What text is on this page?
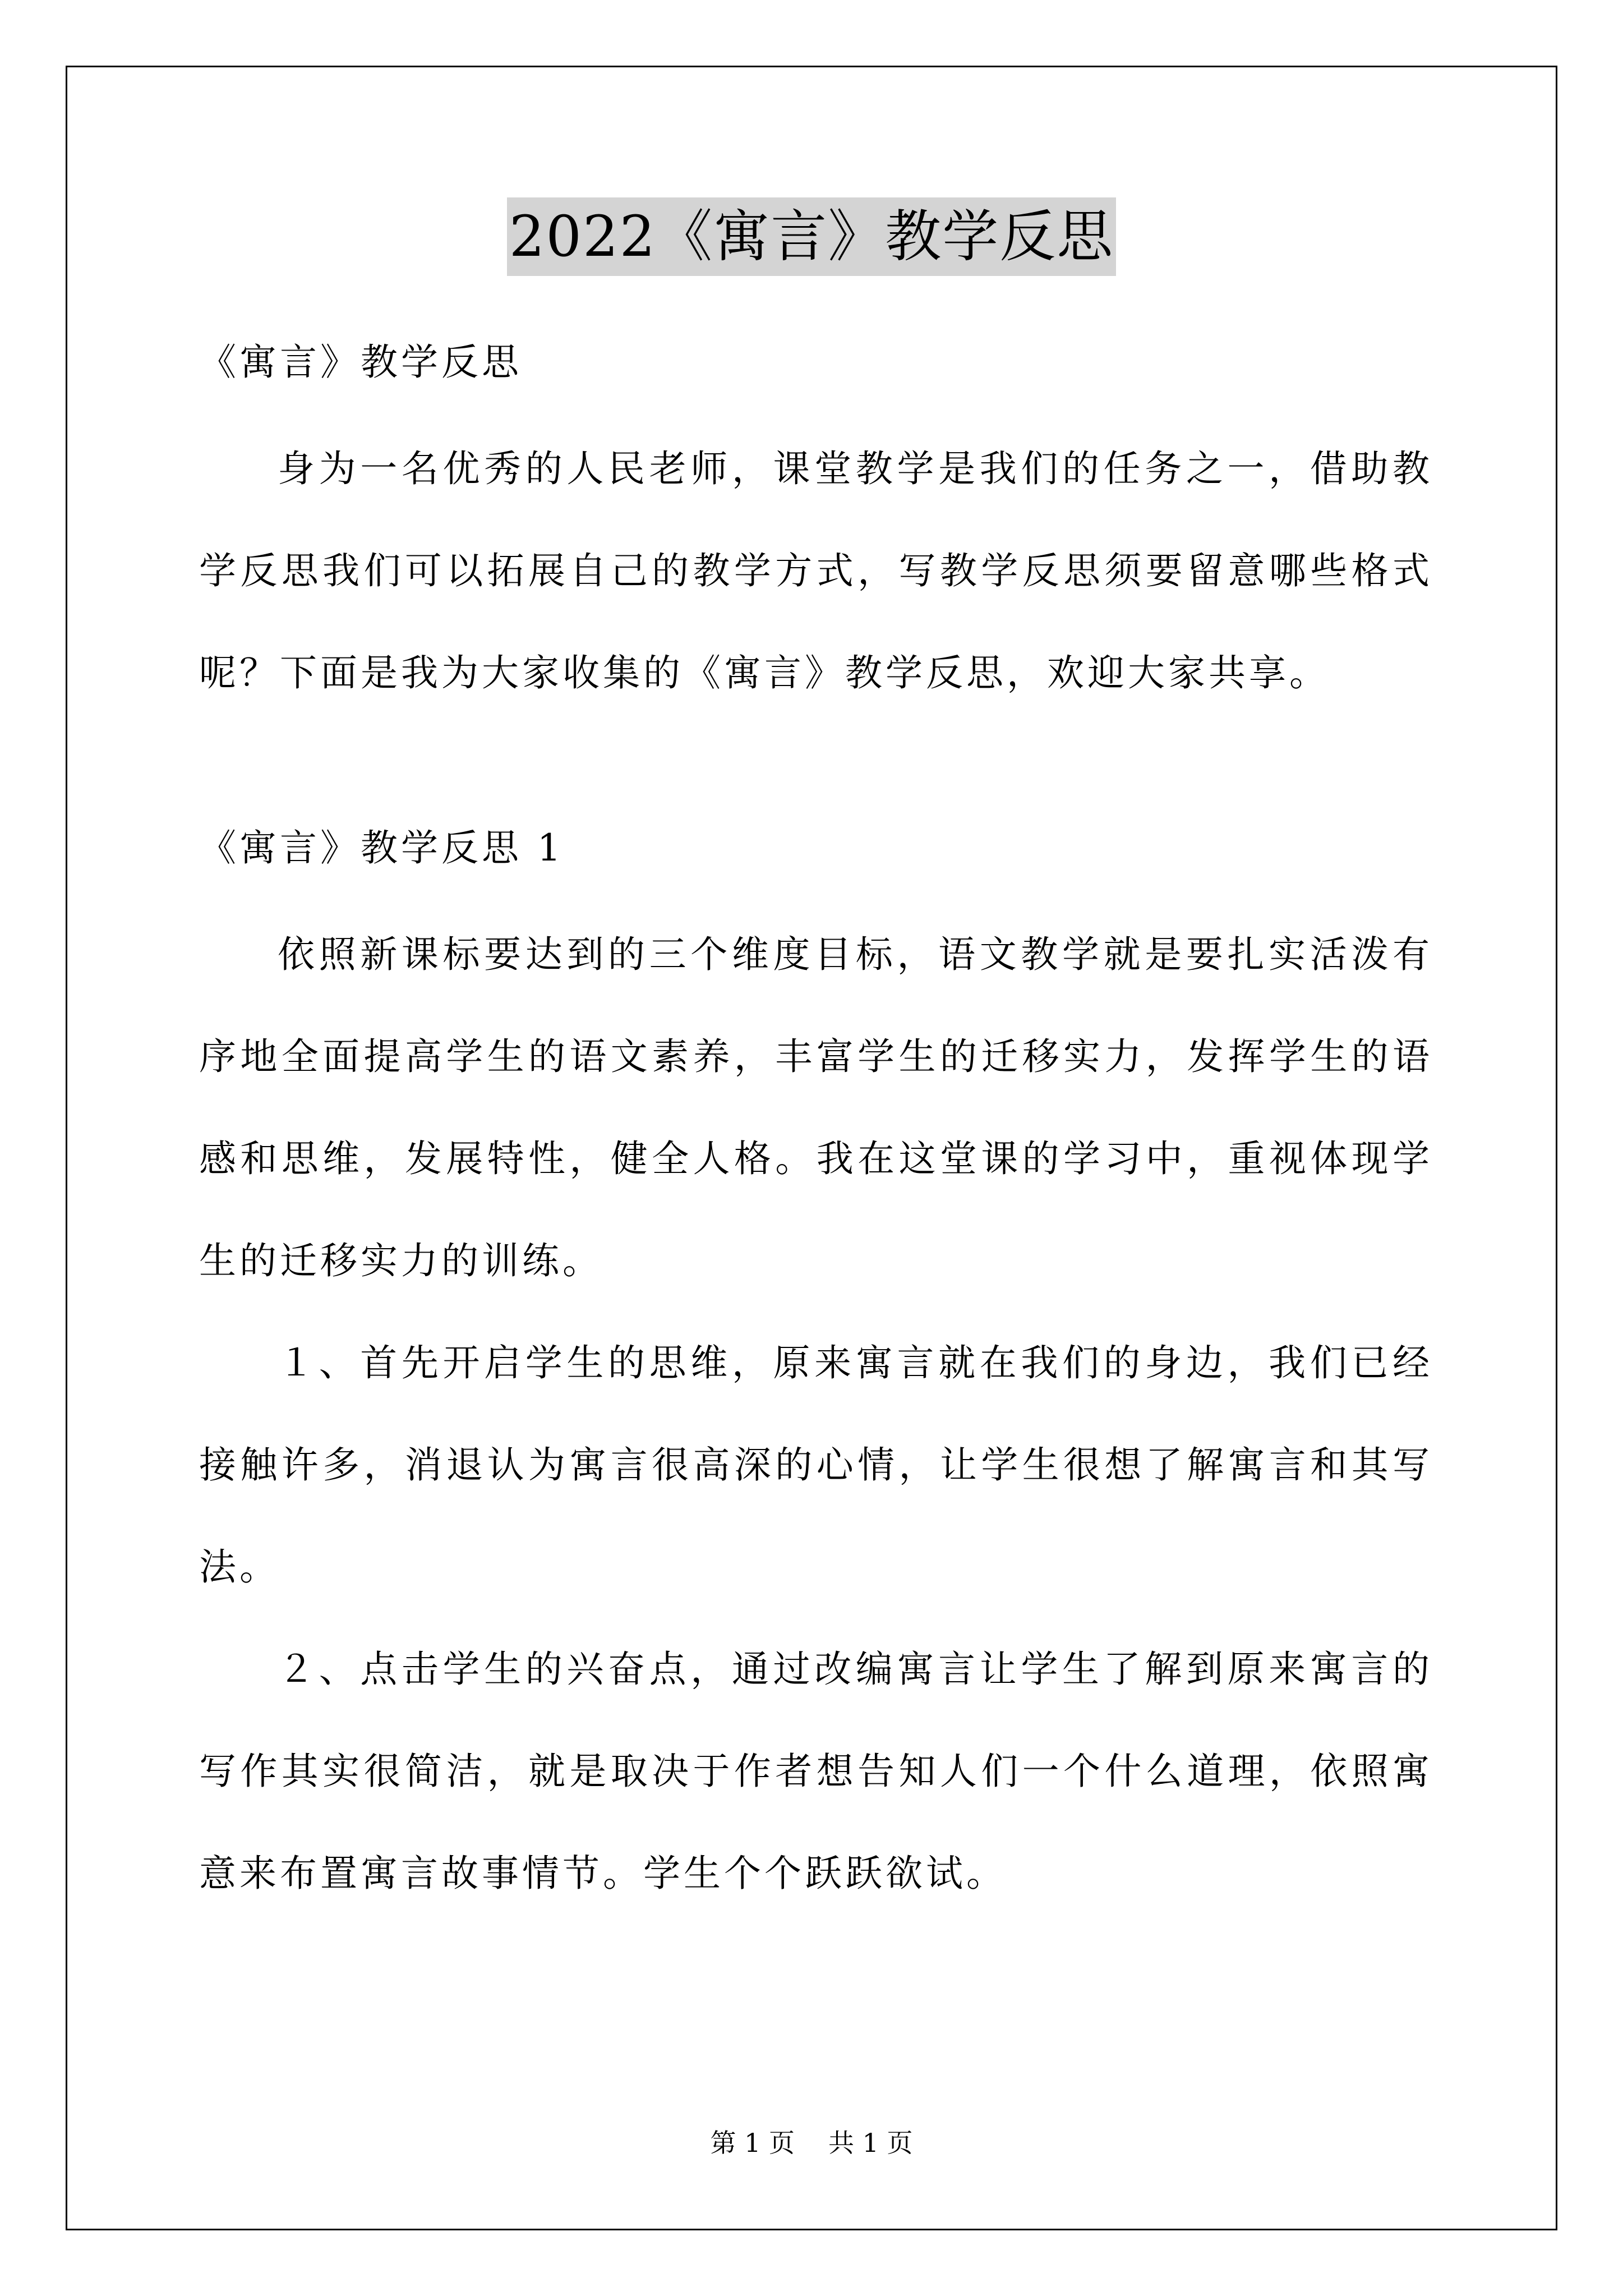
2022《寓言》教学反思

《寓言》教学反思

身为一名优秀的人民老师，课堂教学是我们的任务之一，借助教学反思我们可以拓展自己的教学方式，写教学反思须要留意哪些格式呢？下面是我为大家收集的《寓言》教学反思，欢迎大家共享。

《寓言》教学反思 1

依照新课标要达到的三个维度目标，语文教学就是要扎实活泼有序地全面提高学生的语文素养，丰富学生的迁移实力，发挥学生的语感和思维，发展特性，健全人格。我在这堂课的学习中，重视体现学生的迁移实力的训练。

１、首先开启学生的思维，原来寓言就在我们的身边，我们已经接触许多，消退认为寓言很高深的心情，让学生很想了解寓言和其写法。

２、点击学生的兴奋点，通过改编寓言让学生了解到原来寓言的写作其实很简洁，就是取决于作者想告知人们一个什么道理，依照寓意来布置寓言故事情节。学生个个跃跃欲试。

第 1 页 共 1 页
